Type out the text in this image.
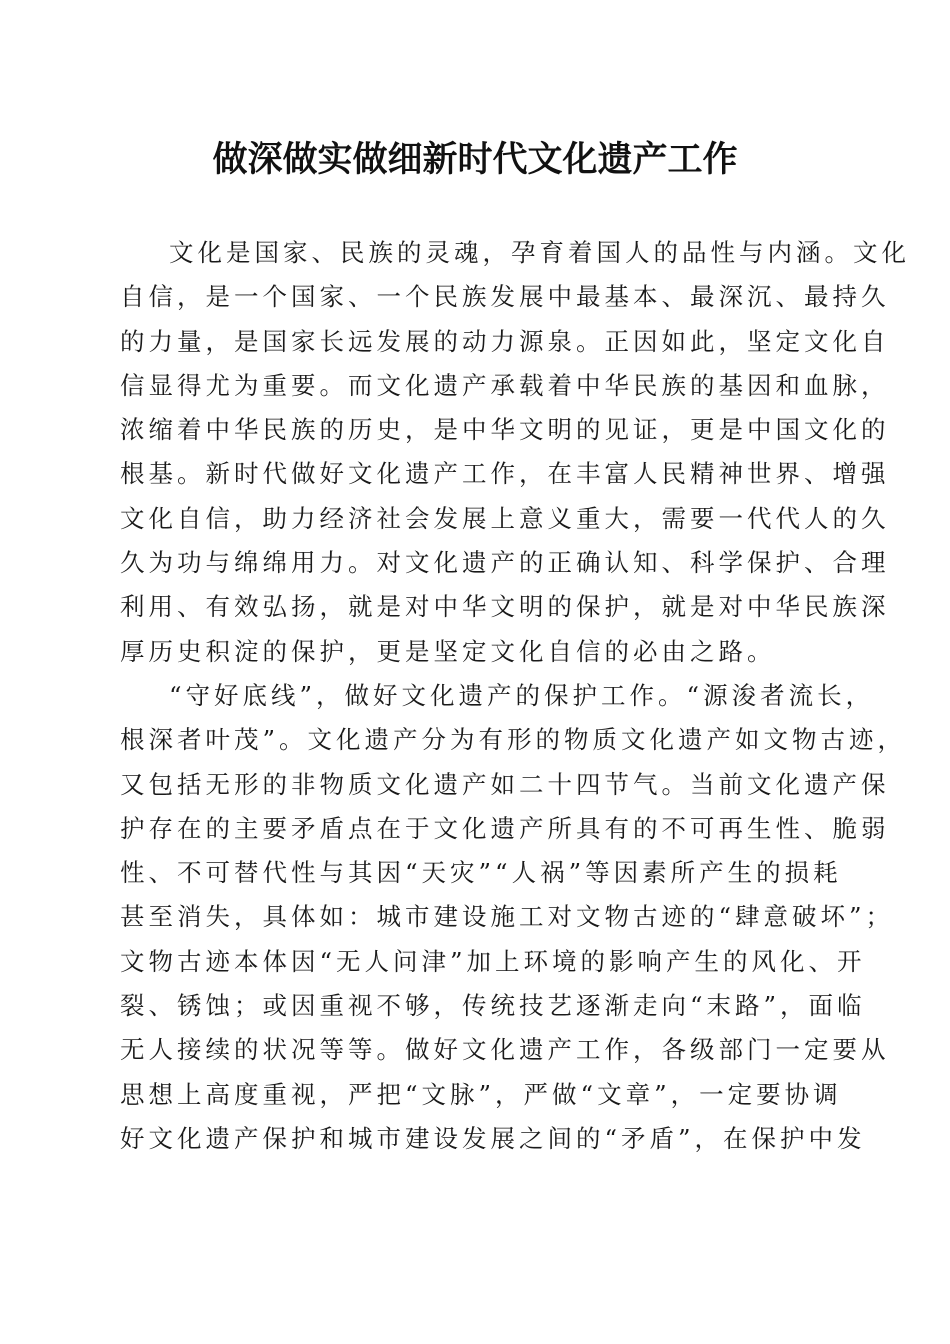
做深做实做细新时代文化遗产工作
文化是国家、民族的灵魂，孕育着国人的品性与内涵。文化
自信，是一个国家、一个民族发展中最基本、最深沉、最持久
的力量，是国家长远发展的动力源泉。正因如此，坚定文化自
信显得尤为重要。而文化遗产承载着中华民族的基因和血脉，
浓缩着中华民族的历史，是中华文明的见证，更是中国文化的
根基。新时代做好文化遗产工作，在丰富人民精神世界、增强
文化自信，助力经济社会发展上意义重大，需要一代代人的久
久为功与绵绵用力。对文化遗产的正确认知、科学保护、合理
利用、有效弘扬，就是对中华文明的保护，就是对中华民族深
厚历史积淀的保护，更是坚定文化自信的必由之路。
“守好底线”，做好文化遗产的保护工作。“源浚者流长，
根深者叶茂”。文化遗产分为有形的物质文化遗产如文物古迹，
又包括无形的非物质文化遗产如二十四节气。当前文化遗产保
护存在的主要矛盾点在于文化遗产所具有的不可再生性、脆弱
性、不可替代性与其因“天灾”“人祸”等因素所产生的损耗
甚至消失，具体如：城市建设施工对文物古迹的“肆意破坏”；
文物古迹本体因“无人问津”加上环境的影响产生的风化、开
裂、锈蚀；或因重视不够，传统技艺逐渐走向“末路”，面临
无人接续的状况等等。做好文化遗产工作，各级部门一定要从
思想上高度重视，严把“文脉”，严做“文章”，一定要协调
好文化遗产保护和城市建设发展之间的“矛盾”，在保护中发
